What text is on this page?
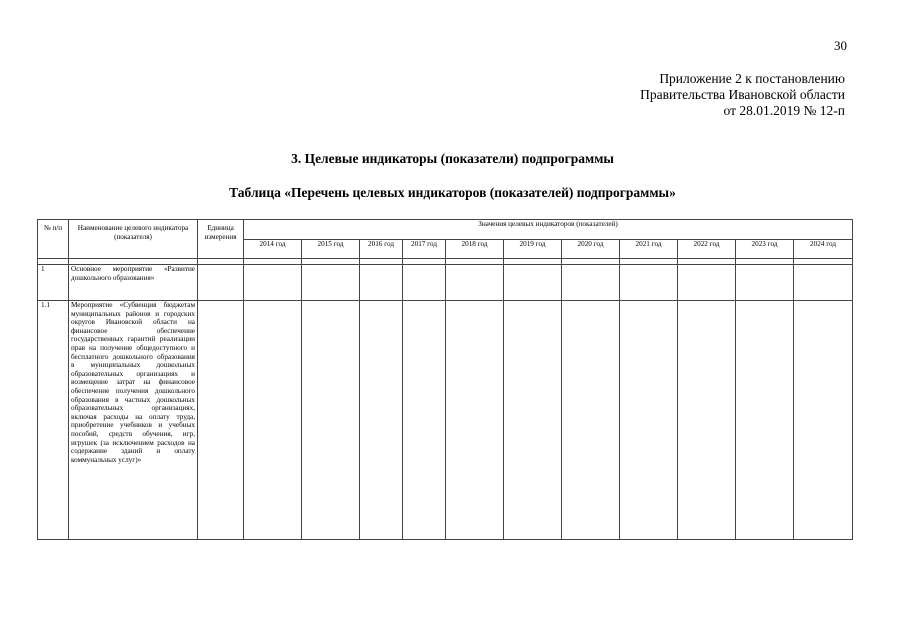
30
Приложение 2 к постановлению
Правительства Ивановской области
от 28.01.2019 № 12-п
3. Целевые индикаторы (показатели) подпрограммы
Таблица «Перечень целевых индикаторов (показателей) подпрограммы»
№ п/п	Наименование целевого индикатора (показателя)	Единица измерения	Значения целевых индикаторов (показателей)										
			2014 год	2015 год	2016 год	2017 год	2018 год	2019 год	2020 год	2021 год	2022 год	2023 год	2024 год

1	Основное мероприятие «Развитие дошкольного образования»												
1.1	Мероприятие «Субвенция бюджетам муниципальных районов и городских округов Ивановской области на финансовое обеспечение государственных гарантий реализации прав на получение общедоступного и бесплатного дошкольного образования в муниципальных дошкольных образовательных организациях и возмещение затрат на финансовое обеспечение получения дошкольного образования в частных дошкольных образовательных организациях, включая расходы на оплату труда, приобретение учебников и учебных пособий, средств обучения, игр, игрушек (за исключением расходов на содержание зданий и оплату коммунальных услуг)»												
